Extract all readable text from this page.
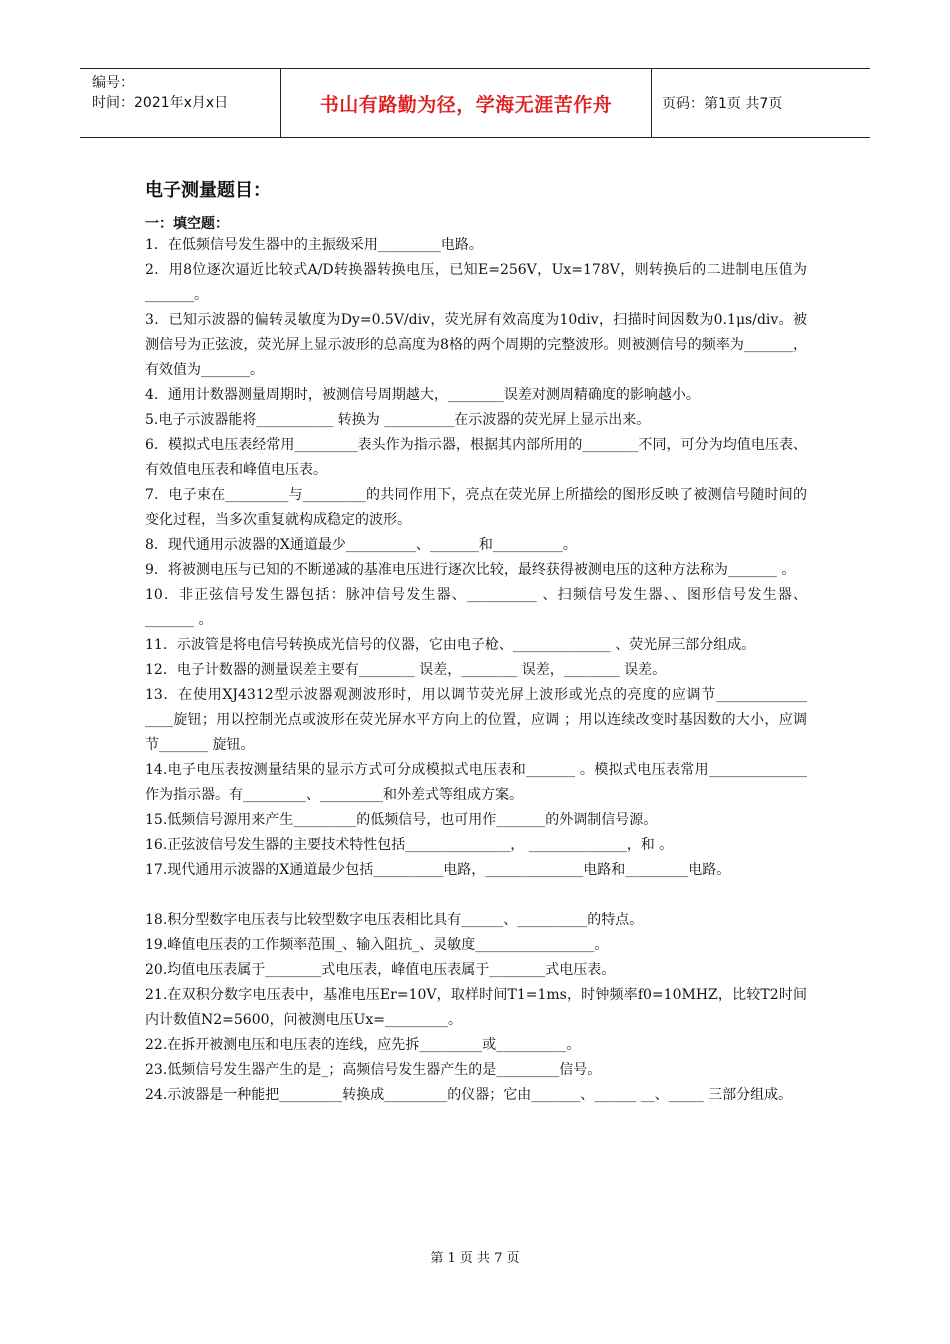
编号：
时间：2021年x月x日	书山有路勤为径，学海无涯苦作舟	页码：第1页 共7页
电子测量题目：
一：填空题：

1．在低频信号发生器中的主振级采用_________电路。

2．用8位逐次逼近比较式A/D转换器转换电压，已知E=256V，Ux=178V，则转换后的二进制电压值为_______。

3．已知示波器的偏转灵敏度为Dy=0.5V/div，荧光屏有效高度为10div，扫描时间因数为0.1μs/div。被测信号为正弦波，荧光屏上显示波形的总高度为8格的两个周期的完整波形。则被测信号的频率为_______，有效值为_______。

4．通用计数器测量周期时，被测信号周期越大，________误差对测周精确度的影响越小。

5.电子示波器能将___________ 转换为 __________在示波器的荧光屏上显示出来。

6．模拟式电压表经常用_________表头作为指示器，根据其内部所用的________不同，可分为均值电压表、有效值电压表和峰值电压表。

7．电子束在_________与_________的共同作用下，亮点在荧光屏上所描绘的图形反映了被测信号随时间的变化过程，当多次重复就构成稳定的波形。

8．现代通用示波器的X通道最少__________、_______和__________。

9．将被测电压与已知的不断递减的基准电压进行逐次比较，最终获得被测电压的这种方法称为_______ 。

10．非正弦信号发生器包括：脉冲信号发生器、__________ 、扫频信号发生器、、图形信号发生器、_______ 。

11．示波管是将电信号转换成光信号的仪器，它由电子枪、______________ 、荧光屏三部分组成。

12．电子计数器的测量误差主要有________ 误差，________ 误差，________ 误差。

13．在使用XJ4312型示波器观测波形时，用以调节荧光屏上波形或光点的亮度的应调节_____________ ____旋钮；用以控制光点或波形在荧光屏水平方向上的位置，应调 ；用以连续改变时基因数的大小，应调节_______ 旋钮。

14.电子电压表按测量结果的显示方式可分成模拟式电压表和_______ 。模拟式电压表常用______________作为指示器。有_________、_________和外差式等组成方案。

15.低频信号源用来产生_________的低频信号，也可用作_______的外调制信号源。

16.正弦波信号发生器的主要技术特性包括_______________， ______________，和 。

17.现代通用示波器的X通道最少包括__________电路，______________电路和_________电路。

18.积分型数字电压表与比较型数字电压表相比具有______、__________的特点。

19.峰值电压表的工作频率范围_、输入阻抗_、灵敏度_________________。

20.均值电压表属于________式电压表，峰值电压表属于________式电压表。

21.在双积分数字电压表中，基准电压Er=10V，取样时间T1=1ms，时钟频率f0=10MHZ，比较T2时间内计数值N2=5600，问被测电压Ux=_________。

22.在拆开被测电压和电压表的连线，应先拆_________或__________。

23.低频信号发生器产生的是_；高频信号发生器产生的是_________信号。

24.示波器是一种能把_________转换成_________的仪器；它由_______、______ __、_____ 三部分组成。

第 1 页 共 7 页
